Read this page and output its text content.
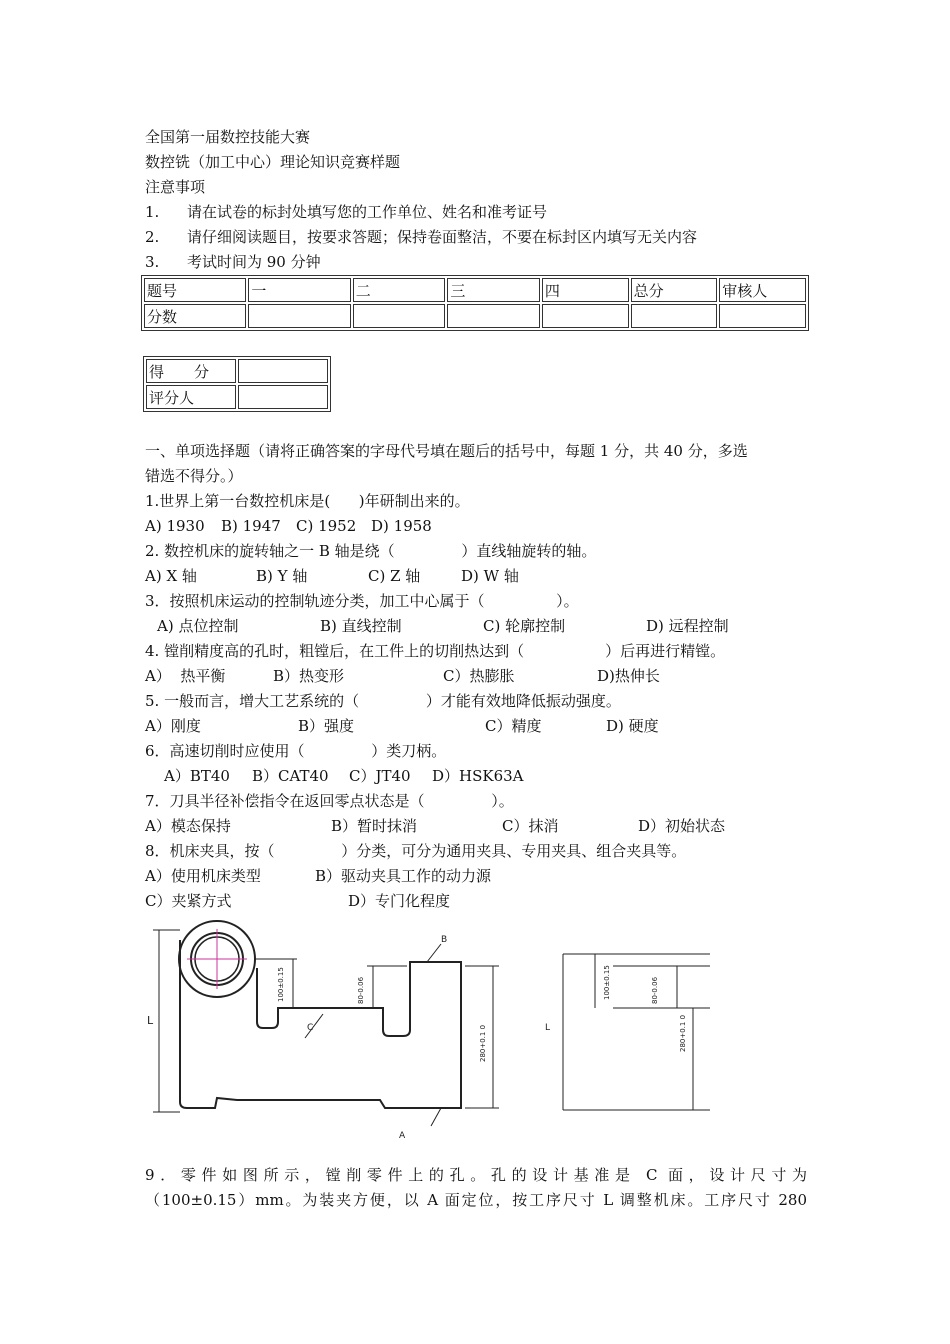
全国第一届数控技能大赛
数控铣（加工中心）理论知识竞赛样题
注意事项
1. 请在试卷的标封处填写您的工作单位、姓名和准考证号
2. 请仔细阅读题目，按要求答题；保持卷面整洁，不要在标封区内填写无关内容
3. 考试时间为 90 分钟
题号	一	二	三	四	总分	审核人
分数						
得　　分	
评分人	
一、单项选择题（请将正确答案的字母代号填在题后的括号中，每题 1 分，共 40 分，多选
错选不得分。）
1.世界上第一台数控机床是(      )年研制出来的。
A) 1930 B) 1947 C) 1952 D) 1958
2. 数控机床的旋转轴之一 B 轴是绕（              ）直线轴旋转的轴。
A) X 轴	B) Y 轴	C) Z 轴	D) W 轴
3．按照机床运动的控制轨迹分类，加工中心属于（               ）。
A) 点位控制	B) 直线控制	C) 轮廓控制	D) 远程控制
4. 镗削精度高的孔时，粗镗后，在工件上的切削热达到（                 ）后再进行精镗。
A）  热平衡	B）热变形	C）热膨胀	D)热伸长
5. 一般而言，增大工艺系统的（              ）才能有效地降低振动强度。
A）刚度	B）强度	C）精度	D) 硬度
6．高速切削时应使用（              ）类刀柄。
A）BT40 B）CAT40 C）JT40 D）HSK63A
7．刀具半径补偿指令在返回零点状态是（              ）。
A）模态保持	B）暂时抹消	C）抹消	D）初始状态
8．机床夹具，按（              ）分类，可分为通用夹具、专用夹具、组合夹具等。
A）使用机床类型	B）驱动夹具工作的动力源
C）夹紧方式	D）专门化程度
B
C
A
L
100±0.15	80-0.06
280+0.1 0	L
100±0.15	80-0.06
280+0.1 0
9．零件如图所示，镗削零件上的孔。孔的设计基准是 C 面，设计尺寸为
（100±0.15）mm。为装夹方便，以 A 面定位，按工序尺寸 L 调整机床。工序尺寸 280
